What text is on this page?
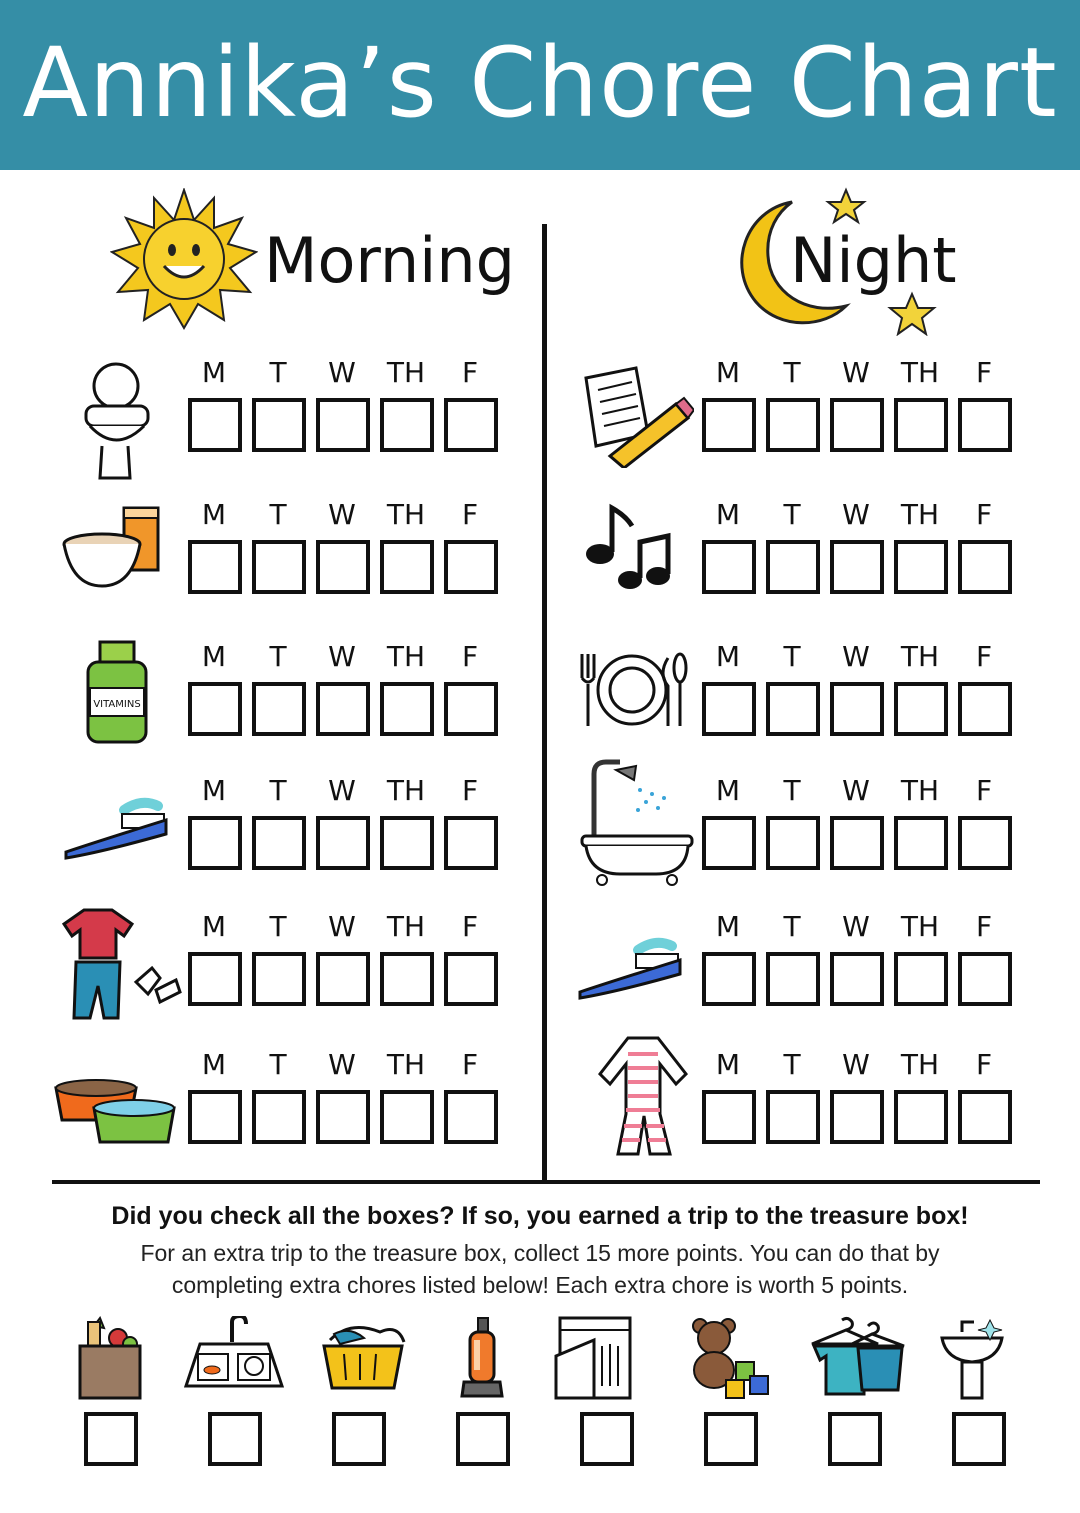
Annika’s Chore Chart
Morning	Night
M	T	W	TH	F
M	T	W	TH	F
M	T	W	TH	F
M	T	W	TH	F
M	T	W	TH	F
M	T	W	TH	F
M	T	W	TH	F
M	T	W	TH	F
M	T	W	TH	F
M	T	W	TH	F
M	T	W	TH	F
M	T	W	TH	F
VITAMINS
Did you check all the boxes? If so, you earned a trip to the treasure box!
For an extra trip to the treasure box, collect 15 more points. You can do that by
completing extra chores listed below! Each extra chore is worth 5 points.
